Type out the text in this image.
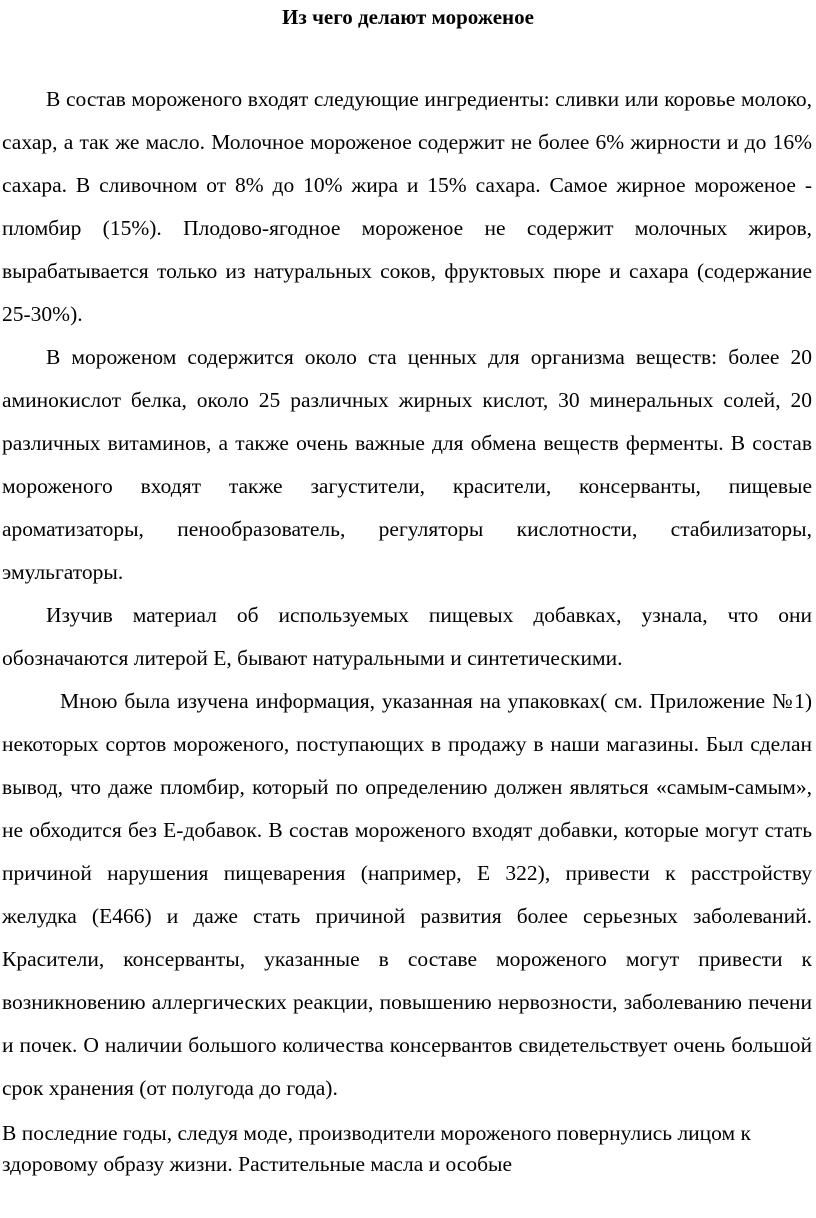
Из чего делают мороженое

В состав мороженого входят следующие ингредиенты: сливки или коровье молоко, сахар, а так же масло. Молочное мороженое содержит не более 6% жирности и до 16% сахара. В сливочном от 8% до 10% жира и 15% сахара. Самое жирное мороженое - пломбир (15%). Плодово-ягодное мороженое не содержит молочных жиров, вырабатывается только из натуральных соков, фруктовых пюре и сахара (содержание 25-30%).

В мороженом содержится около ста ценных для организма веществ: более 20 аминокислот белка, около 25 различных жирных кислот, 30 минеральных солей, 20 различных витаминов, а также очень важные для обмена веществ ферменты. В состав мороженого входят также загустители, красители, консерванты, пищевые ароматизаторы, пенообразователь, регуляторы кислотности, стабилизаторы, эмульгаторы.

Изучив материал об используемых пищевых добавках, узнала, что они обозначаются литерой Е, бывают натуральными и синтетическими.

Мною была изучена информация, указанная на упаковках( см. Приложение №1) некоторых сортов мороженого, поступающих в продажу в наши магазины. Был сделан вывод, что даже пломбир, который по определению должен являться «самым-самым», не обходится без Е-добавок. В состав мороженого входят добавки, которые могут стать причиной нарушения пищеварения (например, Е 322), привести к расстройству желудка (Е466) и даже стать причиной развития более серьезных заболеваний. Красители, консерванты, указанные в составе мороженого могут привести к возникновению аллергических реакции, повышению нервозности, заболеванию печени и почек. О наличии большого количества консервантов свидетельствует очень большой срок хранения (от полугода до года).

В последние годы, следуя моде, производители мороженого повернулись лицом к здоровому образу жизни. Растительные масла и особые
